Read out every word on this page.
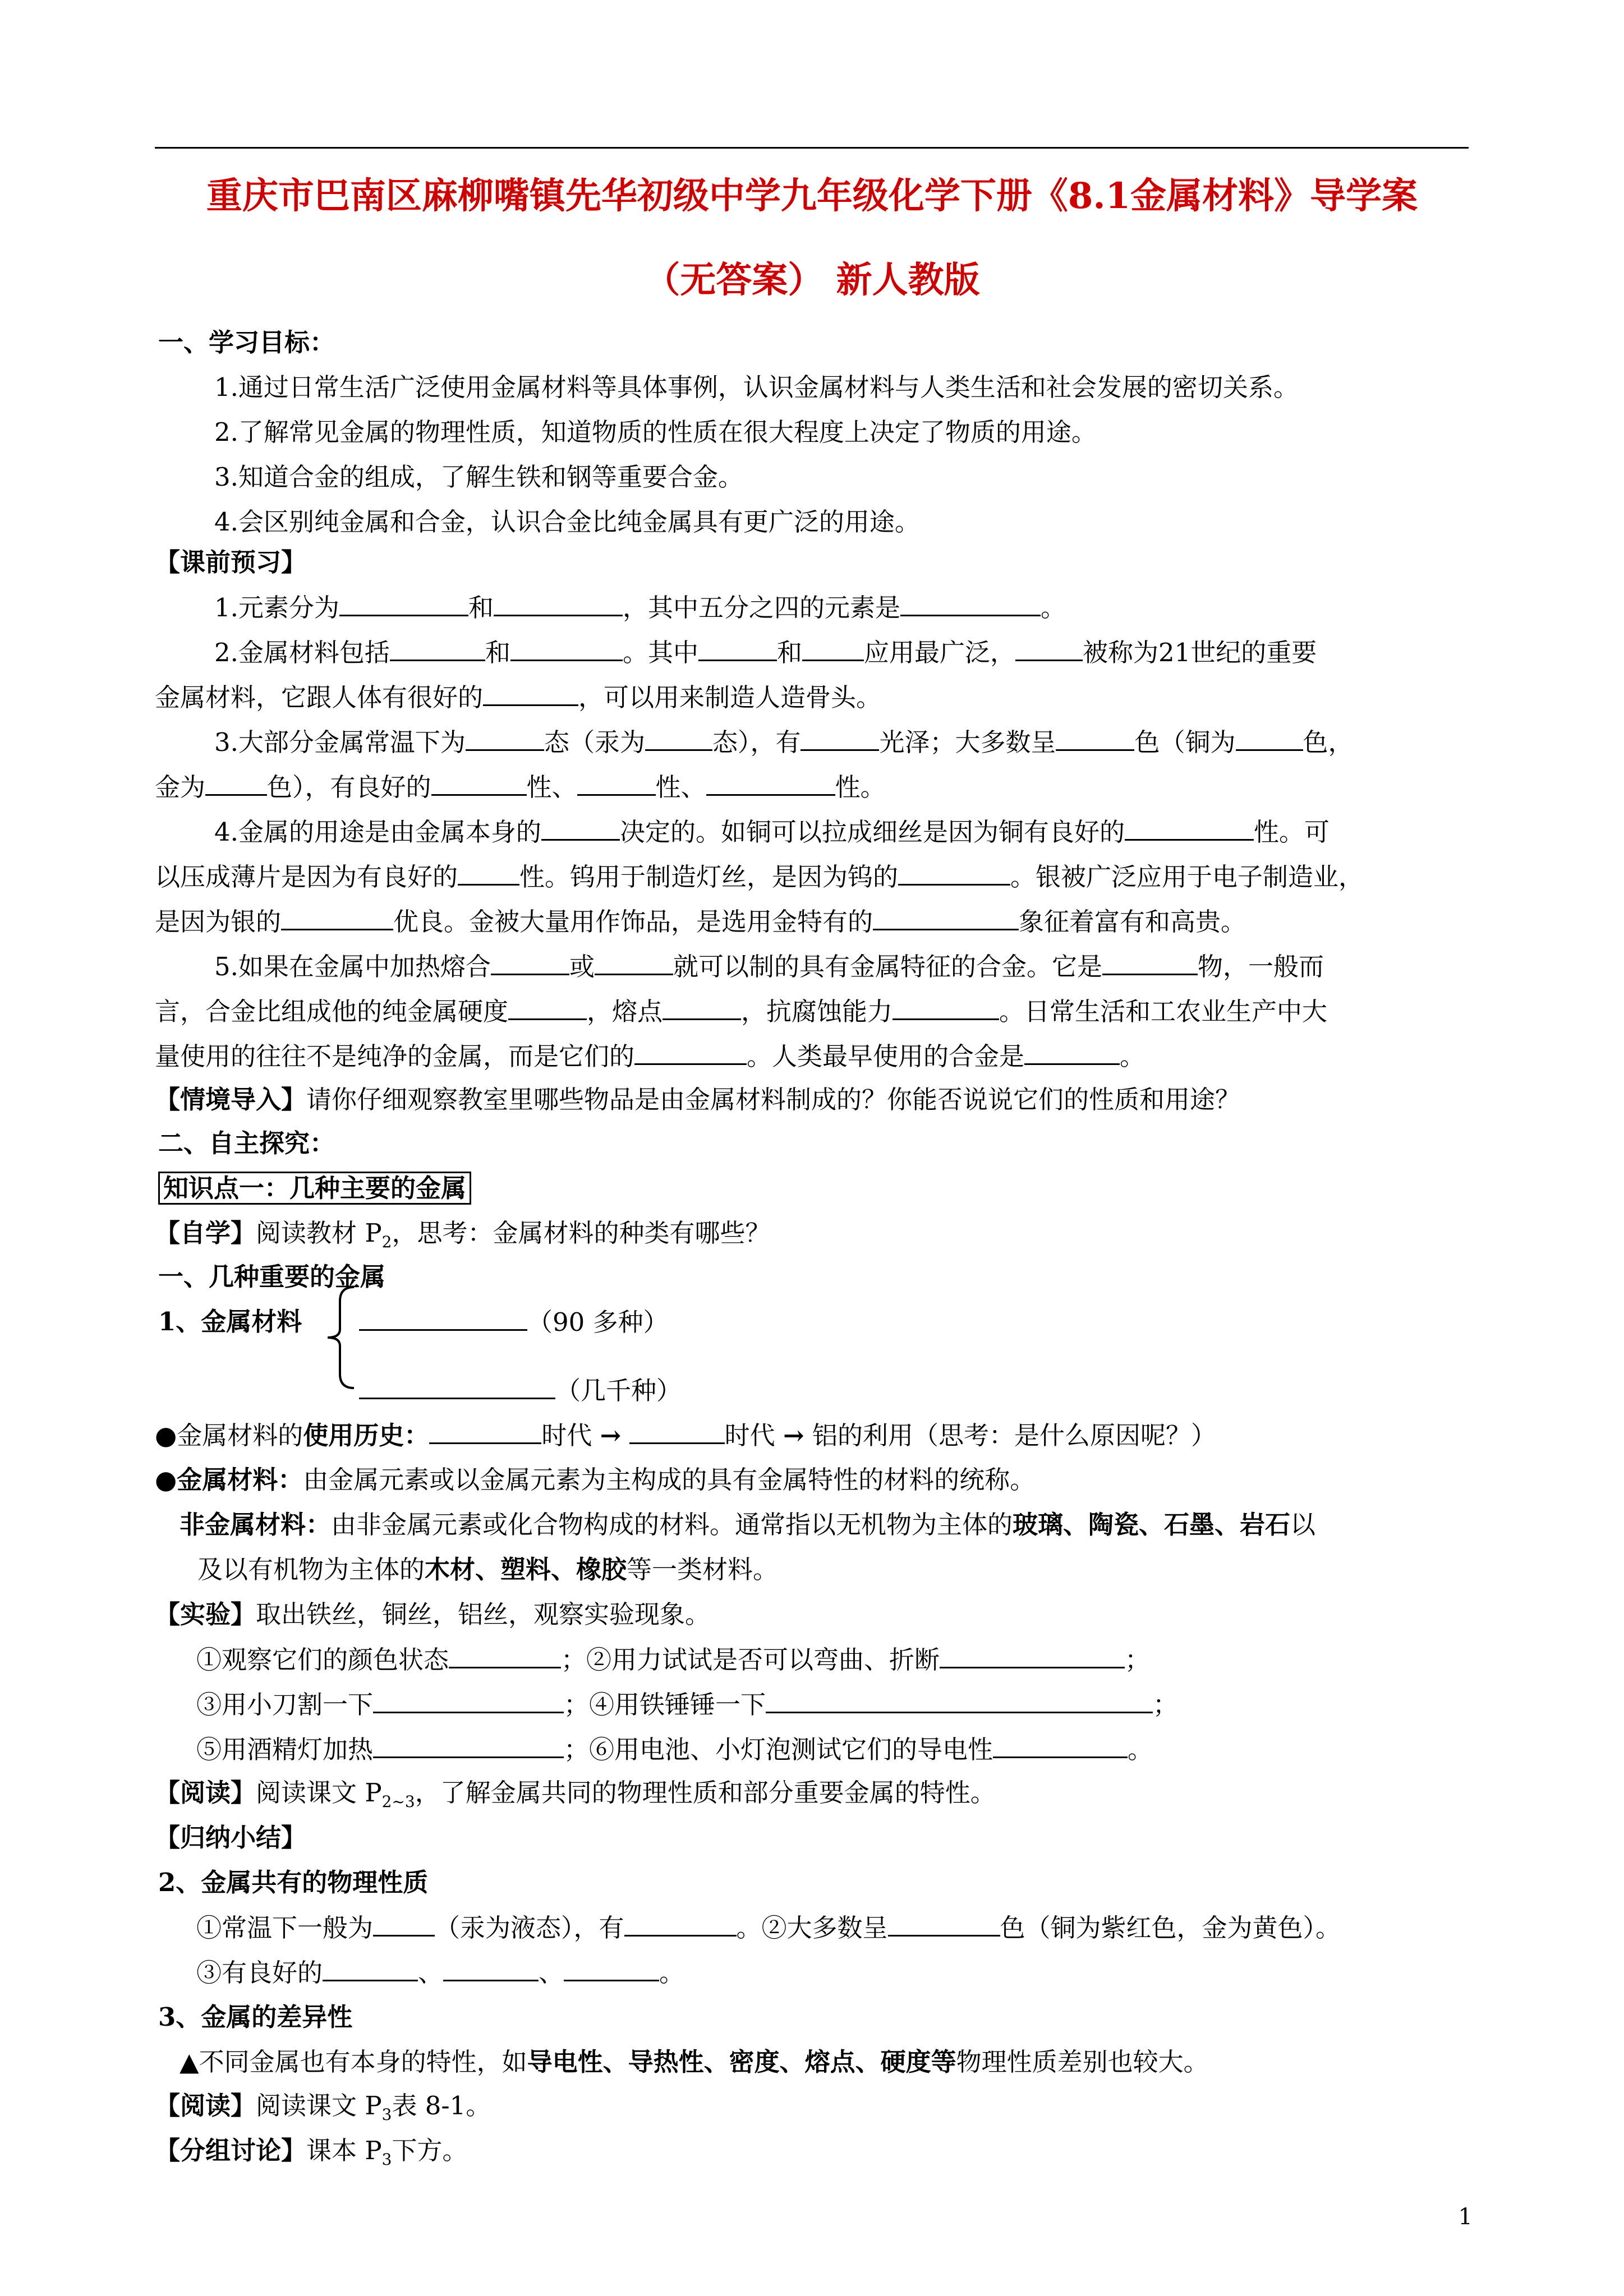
重庆市巴南区麻柳嘴镇先华初级中学九年级化学下册《8.1金属材料》导学案
（无答案） 新人教版
一、学习目标：
1.通过日常生活广泛使用金属材料等具体事例，认识金属材料与人类生活和社会发展的密切关系。
2.了解常见金属的物理性质，知道物质的性质在很大程度上决定了物质的用途。
3.知道合金的组成，了解生铁和钢等重要合金。
4.会区别纯金属和合金，认识合金比纯金属具有更广泛的用途。
【课前预习】
1.元素分为	和	，其中五分之四的元素是	。
2.金属材料包括	和	。其中	和 应用最广泛，	被称为21世纪的重要
金属材料，它跟人体有很好的	，可以用来制造人造骨头。
3.大部分金属常温下为	态（汞为	态），有	光泽；大多数呈	色（铜为	色，
金为 色），有良好的	性、	性、	性。
4.金属的用途是由金属本身的	决定的。如铜可以拉成细丝是因为铜有良好的	性。可
以压成薄片是因为有良好的 性。钨用于制造灯丝，是因为钨的	。银被广泛应用于电子制造业，
是因为银的	优良。金被大量用作饰品，是选用金特有的	象征着富有和高贵。
5.如果在金属中加热熔合	或	就可以制的具有金属特征的合金。它是	物，一般而
言，合金比组成他的纯金属硬度	，熔点	，抗腐蚀能力	。日常生活和工农业生产中大
量使用的往往不是纯净的金属，而是它们的	。人类最早使用的合金是	。
【情境导入】请你仔细观察教室里哪些物品是由金属材料制成的？你能否说说它们的性质和用途？
二、自主探究：
知识点一：几种主要的金属
【自学】阅读教材 $P_2$，思考：金属材料的种类有哪些？
一、几种重要的金属
1、金属材料	（90 多种）
（几千种）
●金属材料的使用历史：	时代 →	时代 → 铝的利用（思考：是什么原因呢？）
●金属材料：由金属元素或以金属元素为主构成的具有金属特性的材料的统称。
非金属材料：由非金属元素或化合物构成的材料。通常指以无机物为主体的玻璃、陶瓷、石墨、岩石以
及以有机物为主体的木材、塑料、橡胶等一类材料。
【实验】取出铁丝，铜丝，铝丝，观察实验现象。
①观察它们的颜色状态	；②用力试试是否可以弯曲、折断	；
③用小刀割一下	；④用铁锤锤一下	；
⑤用酒精灯加热	；⑥用电池、小灯泡测试它们的导电性	。
【阅读】阅读课文 $P_{2\sim 3}$，了解金属共同的物理性质和部分重要金属的特性。
【归纳小结】
2、金属共有的物理性质
①常温下一般为 （汞为液态），有	。②大多数呈	色（铜为紫红色，金为黄色）。
③有良好的	、	、	。
3、金属的差异性
▲不同金属也有本身的特性，如导电性、导热性、密度、熔点、硬度等物理性质差别也较大。
【阅读】阅读课文 $P_3$表 8-1。
【分组讨论】课本 $P_3$下方。
1
